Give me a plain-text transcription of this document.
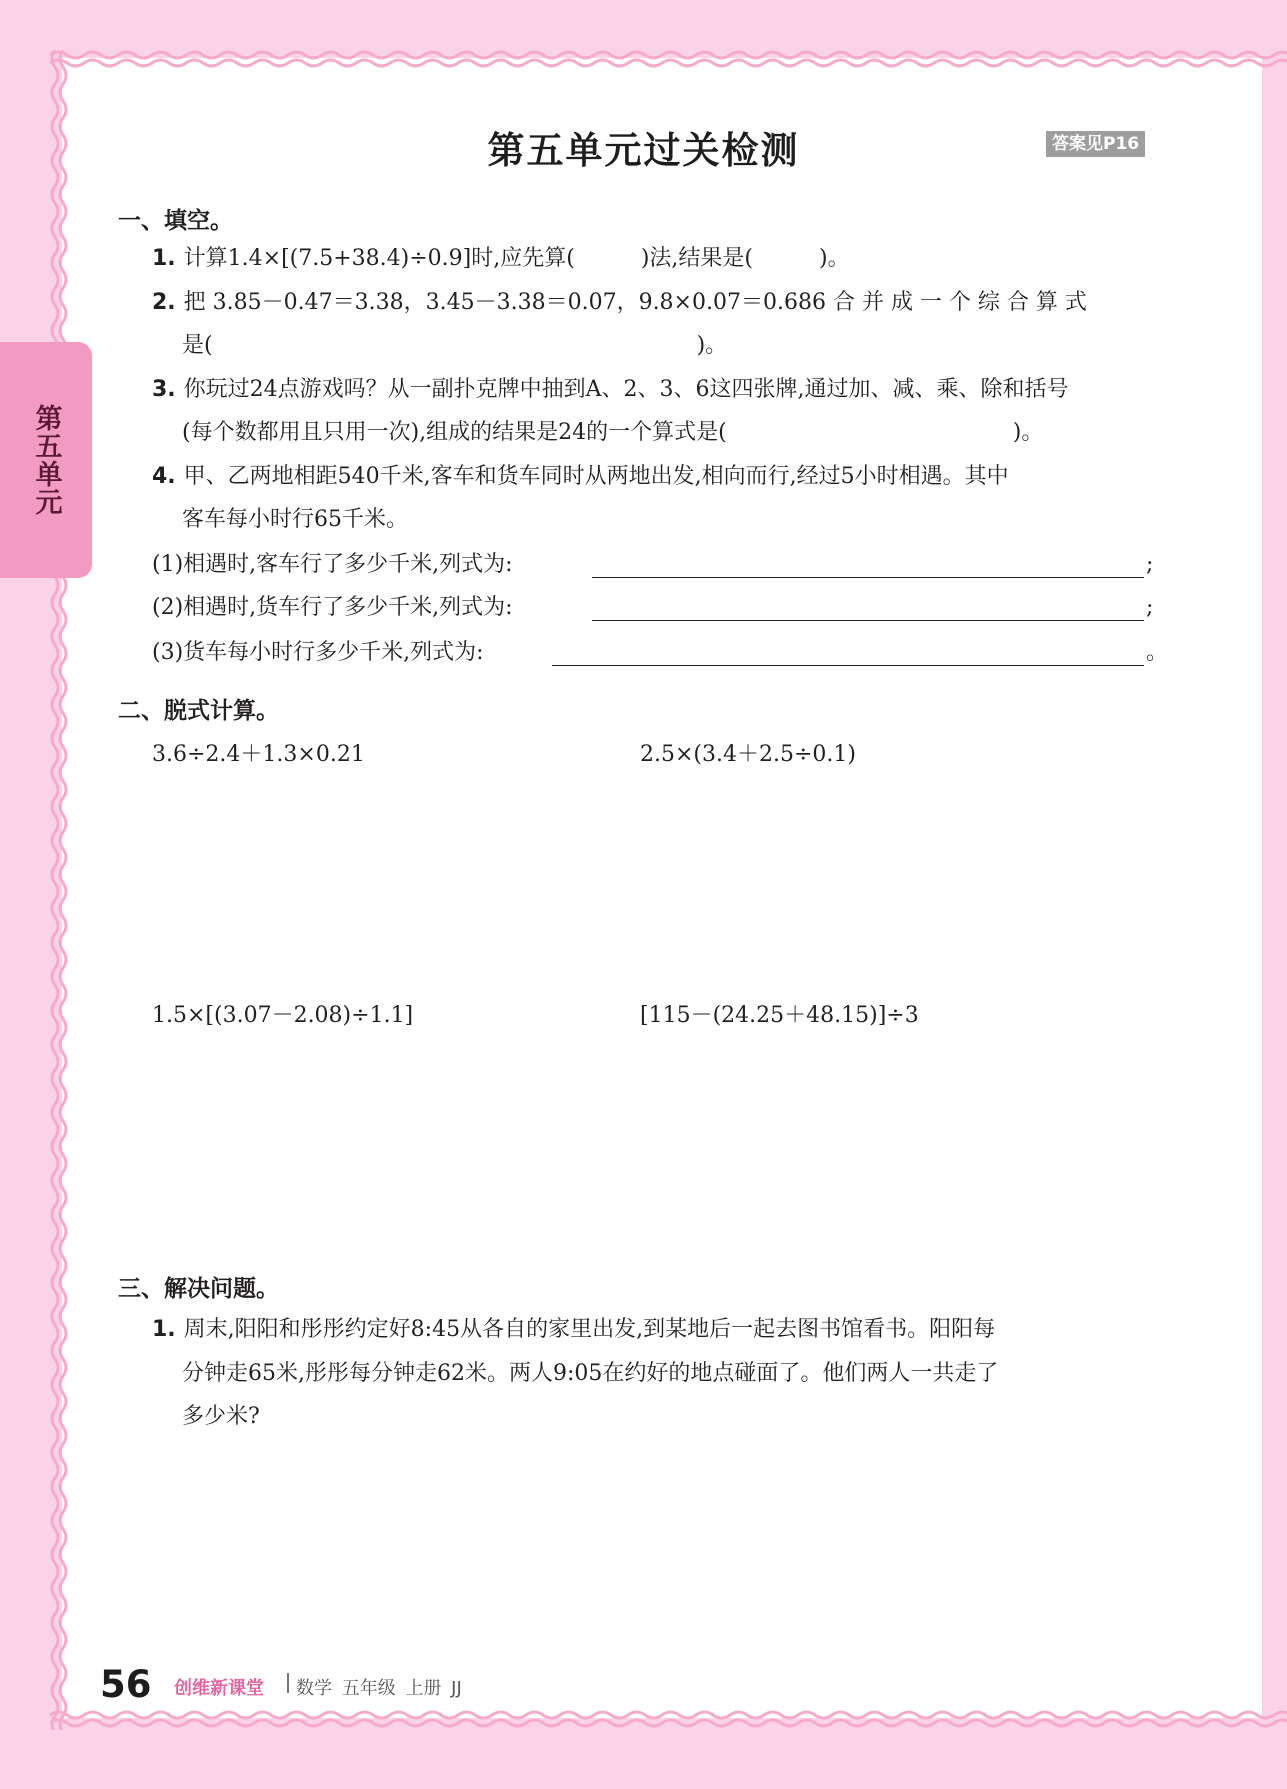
第五单元
第五单元过关检测	答案见P16
一、填空。
1. 计算1.4×[(7.5+38.4)÷0.9]时,应先算(　　　)法,结果是(　　　)。
2. 把 3.85－0.47＝3.38，3.45－3.38＝0.07，9.8×0.07＝0.686 合 并 成 一 个 综 合 算 式
是(　　　　　　　　　　　　　　　　　　　　　　)。
3. 你玩过24点游戏吗？从一副扑克牌中抽到A、2、3、6这四张牌,通过加、减、乘、除和括号
(每个数都用且只用一次),组成的结果是24的一个算式是(　　　　　　　　　　　　　)。
4. 甲、乙两地相距540千米,客车和货车同时从两地出发,相向而行,经过5小时相遇。其中
客车每小时行65千米。
(1)相遇时,客车行了多少千米,列式为:	;
(2)相遇时,货车行了多少千米,列式为:	;
(3)货车每小时行多少千米,列式为:	。
二、脱式计算。
3.6÷2.4＋1.3×0.21	2.5×(3.4＋2.5÷0.1)
1.5×[(3.07－2.08)÷1.1]	[115－(24.25＋48.15)]÷3
三、解决问题。
1. 周末,阳阳和彤彤约定好8:45从各自的家里出发,到某地后一起去图书馆看书。阳阳每
分钟走65米,彤彤每分钟走62米。两人9:05在约好的地点碰面了。他们两人一共走了
多少米?
56 创维新课堂 数学 五年级 上册 JJ
